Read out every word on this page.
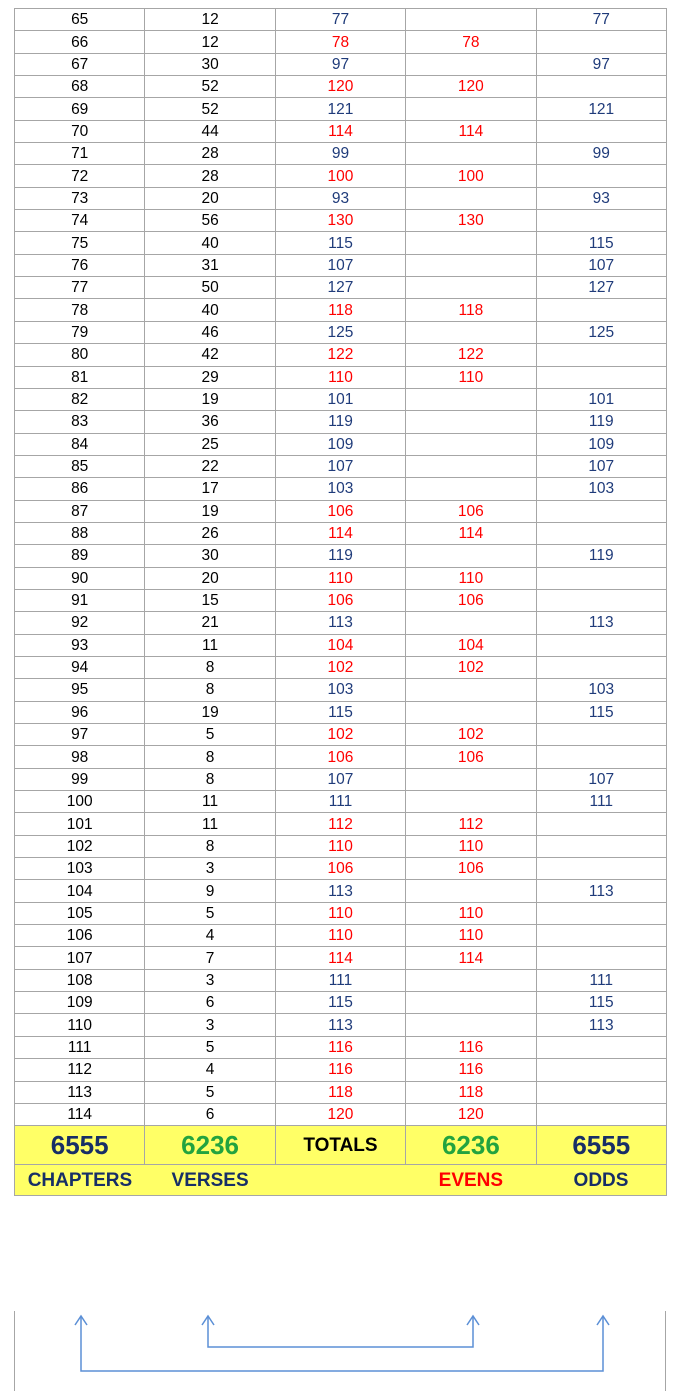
65	12	77		77
66	12	78	78	
67	30	97		97
68	52	120	120	
69	52	121		121
70	44	114	114	
71	28	99		99
72	28	100	100	
73	20	93		93
74	56	130	130	
75	40	115		115
76	31	107		107
77	50	127		127
78	40	118	118	
79	46	125		125
80	42	122	122	
81	29	110	110	
82	19	101		101
83	36	119		119
84	25	109		109
85	22	107		107
86	17	103		103
87	19	106	106	
88	26	114	114	
89	30	119		119
90	20	110	110	
91	15	106	106	
92	21	113		113
93	11	104	104	
94	8	102	102	
95	8	103		103
96	19	115		115
97	5	102	102	
98	8	106	106	
99	8	107		107
100	11	111		111
101	11	112	112	
102	8	110	110	
103	3	106	106	
104	9	113		113
105	5	110	110	
106	4	110	110	
107	7	114	114	
108	3	111		111
109	6	115		115
110	3	113		113
111	5	116	116	
112	4	116	116	
113	5	118	118	
114	6	120	120	
6555	6236	TOTALS	6236	6555
CHAPTERS	VERSES		EVENS	ODDS
